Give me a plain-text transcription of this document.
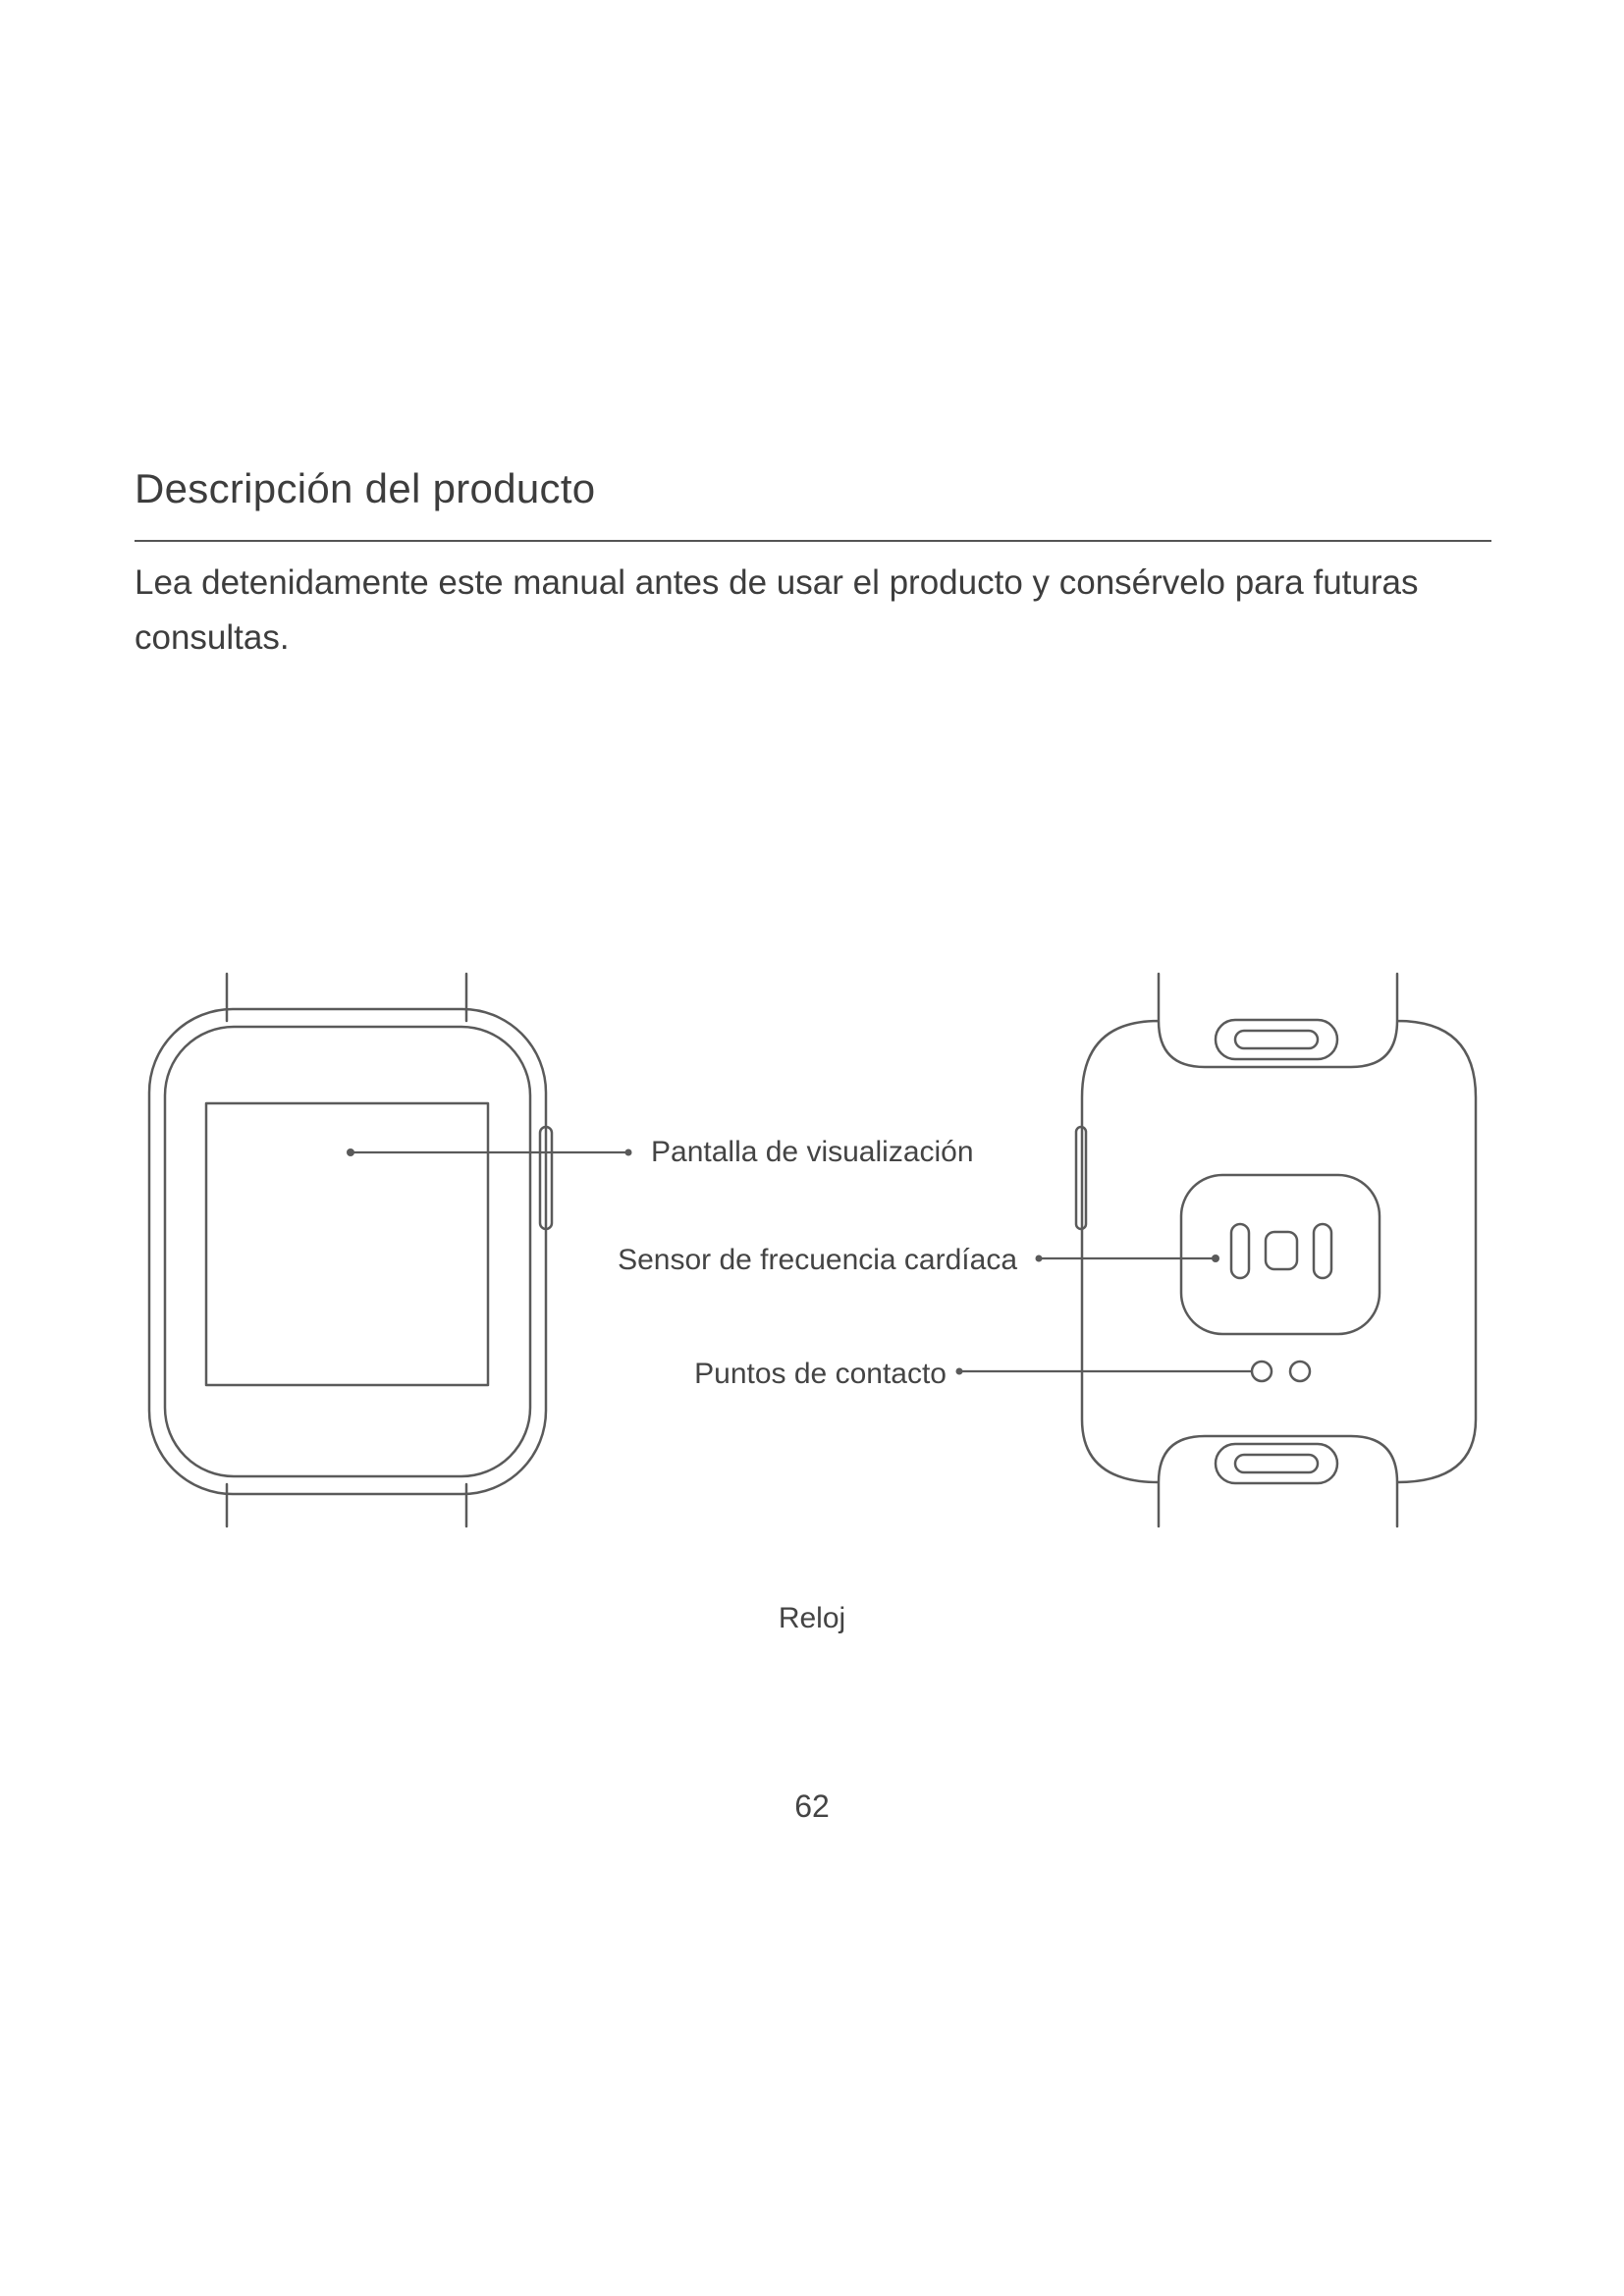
Descripción del producto

Lea detenidamente este manual antes de usar el producto y consérvelo para futuras consultas.

Pantalla de visualización
Sensor de frecuencia cardíaca
Puntos de contacto
Reloj
62
